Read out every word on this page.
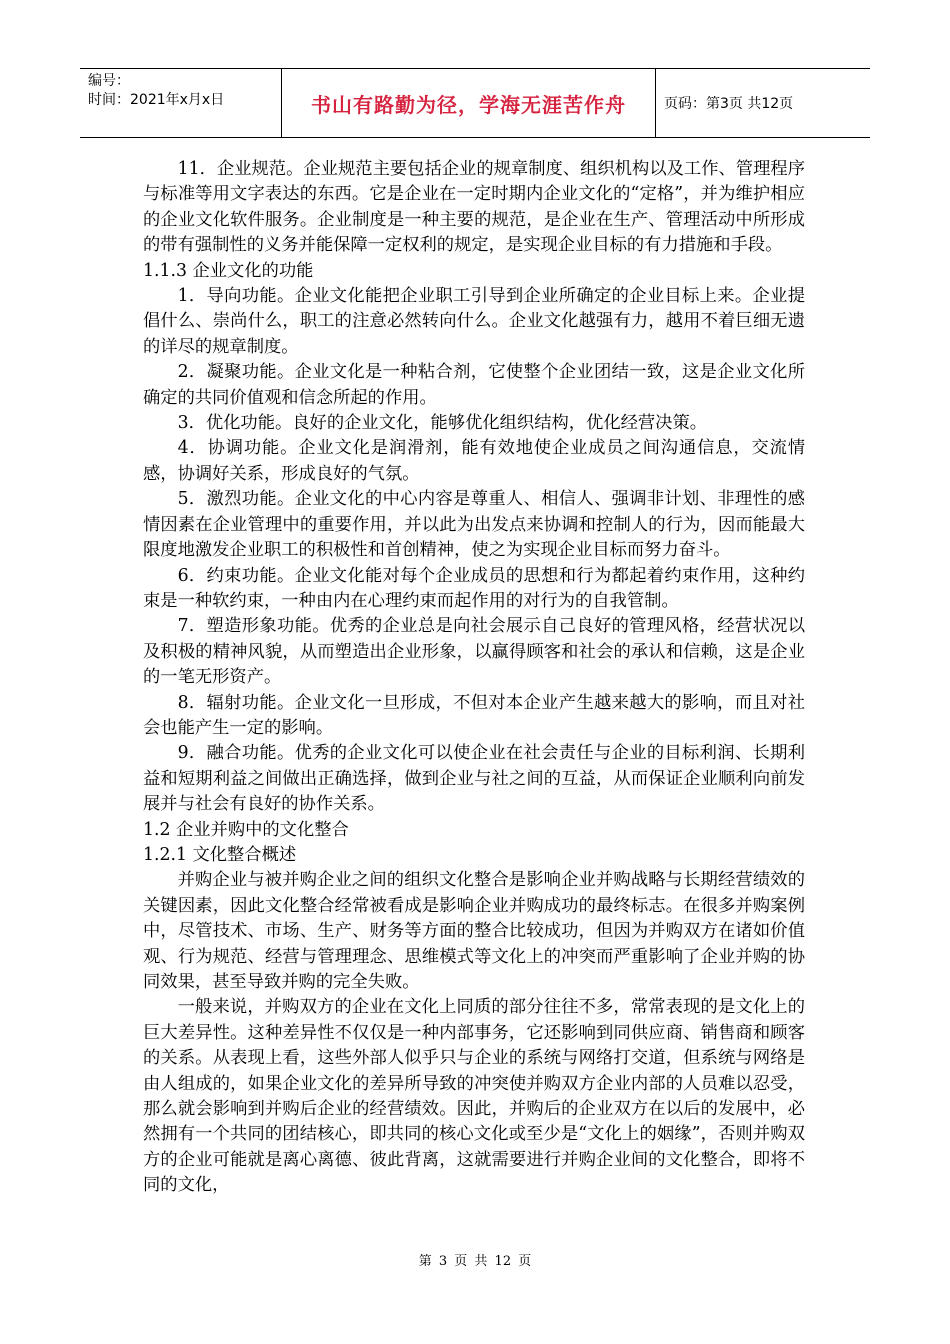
编号：
时间：2021年x月x日	书山有路勤为径，学海无涯苦作舟	页码：第3页 共12页

11．企业规范。企业规范主要包括企业的规章制度、组织机构以及工作、管理程序与标准等用文字表达的东西。它是企业在一定时期内企业文化的“定格”，并为维护相应的企业文化软件服务。企业制度是一种主要的规范，是企业在生产、管理活动中所形成的带有强制性的义务并能保障一定权利的规定，是实现企业目标的有力措施和手段。

1.1.3 企业文化的功能

1．导向功能。企业文化能把企业职工引导到企业所确定的企业目标上来。企业提倡什么、崇尚什么，职工的注意必然转向什么。企业文化越强有力，越用不着巨细无遗的详尽的规章制度。

2．凝聚功能。企业文化是一种粘合剂，它使整个企业团结一致，这是企业文化所确定的共同价值观和信念所起的作用。

3．优化功能。良好的企业文化，能够优化组织结构，优化经营决策。

4．协调功能。企业文化是润滑剂，能有效地使企业成员之间沟通信息，交流情感，协调好关系，形成良好的气氛。

5．激烈功能。企业文化的中心内容是尊重人、相信人、强调非计划、非理性的感情因素在企业管理中的重要作用，并以此为出发点来协调和控制人的行为，因而能最大限度地激发企业职工的积极性和首创精神，使之为实现企业目标而努力奋斗。

6．约束功能。企业文化能对每个企业成员的思想和行为都起着约束作用，这种约束是一种软约束，一种由内在心理约束而起作用的对行为的自我管制。

7．塑造形象功能。优秀的企业总是向社会展示自己良好的管理风格，经营状况以及积极的精神风貌，从而塑造出企业形象，以赢得顾客和社会的承认和信赖，这是企业的一笔无形资产。

8．辐射功能。企业文化一旦形成，不但对本企业产生越来越大的影响，而且对社会也能产生一定的影响。

9．融合功能。优秀的企业文化可以使企业在社会责任与企业的目标利润、长期利益和短期利益之间做出正确选择，做到企业与社之间的互益，从而保证企业顺利向前发展并与社会有良好的协作关系。

1.2 企业并购中的文化整合

1.2.1 文化整合概述

并购企业与被并购企业之间的组织文化整合是影响企业并购战略与长期经营绩效的关键因素，因此文化整合经常被看成是影响企业并购成功的最终标志。在很多并购案例中，尽管技术、市场、生产、财务等方面的整合比较成功，但因为并购双方在诸如价值观、行为规范、经营与管理理念、思维模式等文化上的冲突而严重影响了企业并购的协同效果，甚至导致并购的完全失败。

一般来说，并购双方的企业在文化上同质的部分往往不多，常常表现的是文化上的巨大差异性。这种差异性不仅仅是一种内部事务，它还影响到同供应商、销售商和顾客的关系。从表现上看，这些外部人似乎只与企业的系统与网络打交道，但系统与网络是由人组成的，如果企业文化的差异所导致的冲突使并购双方企业内部的人员难以忍受，那么就会影响到并购后企业的经营绩效。因此，并购后的企业双方在以后的发展中，必然拥有一个共同的团结核心，即共同的核心文化或至少是“文化上的姻缘”，否则并购双方的企业可能就是离心离德、彼此背离，这就需要进行并购企业间的文化整合，即将不同的文化，

第 3 页 共 12 页
